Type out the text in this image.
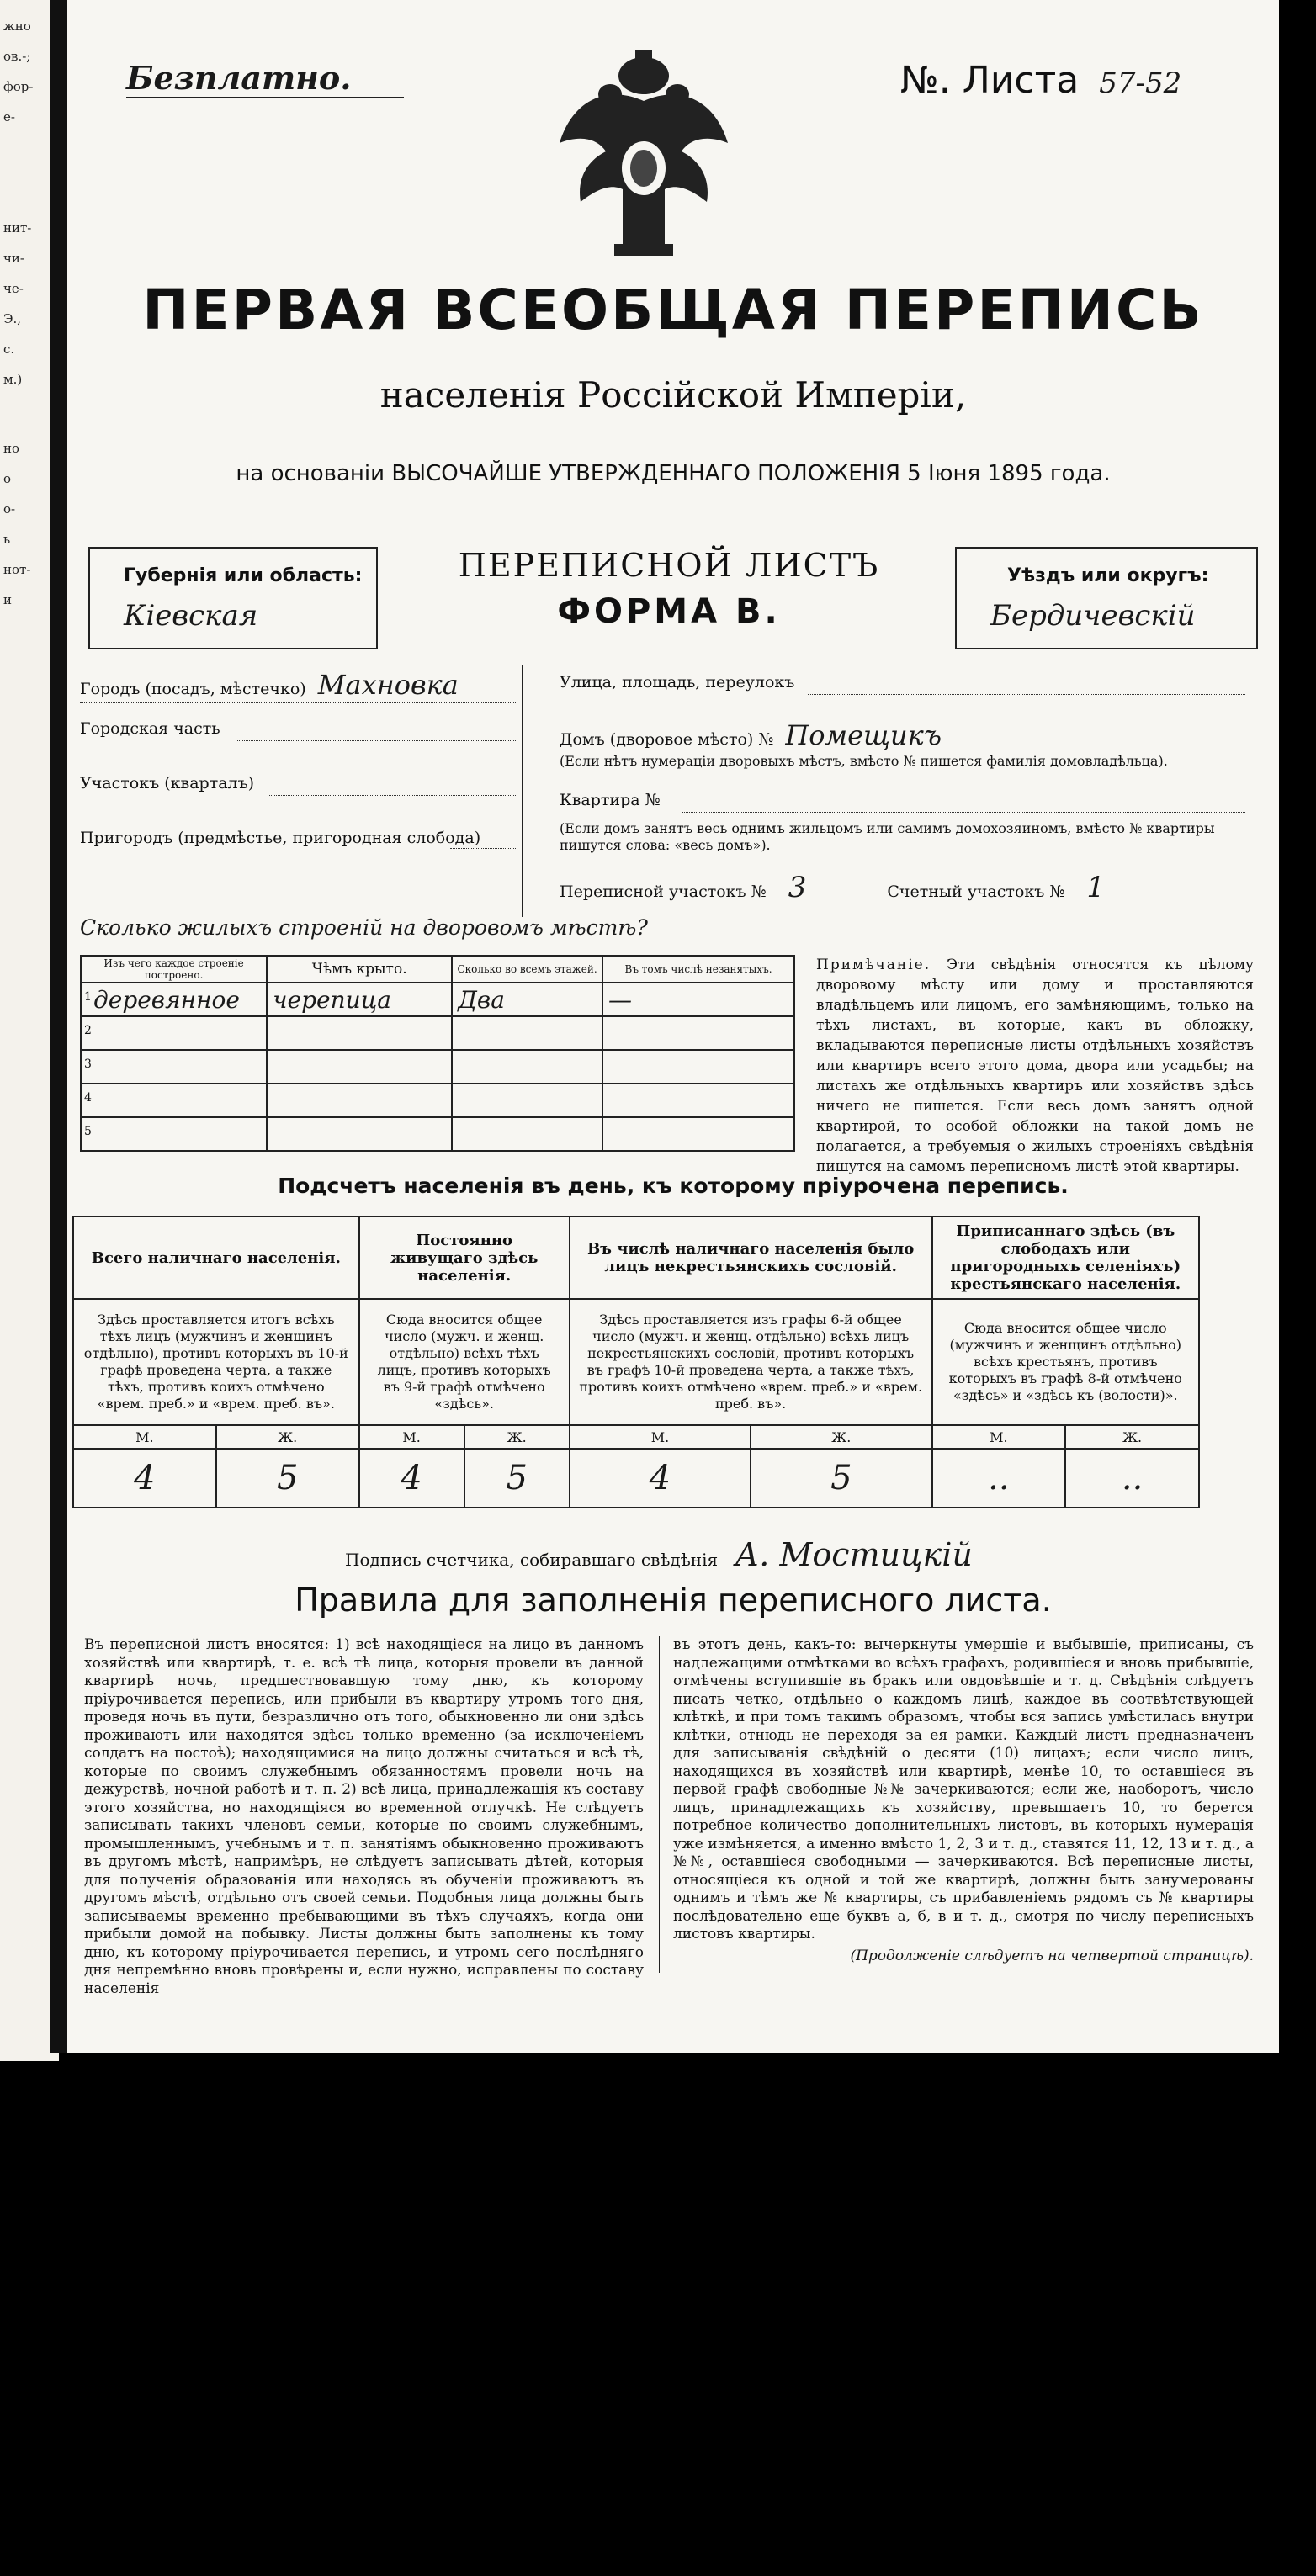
жно
ов.-;
фор-
е-
нит-
чи-
че-
Э.,
с.
м.)
но
о
о-
ь
нот-
и
Безплатно.	№. Листа 57-52
ПЕРВАЯ ВСЕОБЩАЯ ПЕРЕПИСЬ
населенія Россійской Имперіи,
на основаніи ВЫСОЧАЙШЕ УТВЕРЖДЕННАГО ПОЛОЖЕНІЯ 5 Іюня 1895 года.
Губернія или область:
Кіевская
ПЕРЕПИСНОЙ ЛИСТЪ
ФОРМА В.
Уѣздъ или округъ:
Бердичевскій
Городъ (посадъ, мѣстечко) Махновка
Городская часть
Участокъ (кварталъ)
Пригородъ (предмѣстье, пригородная слобода)
Улица, площадь, переулокъ
Домъ (дворовое мѣсто) № Помещикъ
(Если нѣтъ нумераціи дворовыхъ мѣстъ, вмѣсто № пишется фамилія домовладѣльца).
Квартира №
(Если домъ занятъ весь однимъ жильцомъ или самимъ домохозяиномъ, вмѣсто № квартиры пишутся слова: «весь домъ»).
Переписной участокъ № 3	Счетный участокъ № 1
Сколько жилыхъ строеній на дворовомъ мѣстѣ?
Изъ чего каждое строеніе построено.	Чѣмъ крыто.	Сколько во всемъ этажей.	Въ томъ числѣ незанятыхъ.

1 деревянное	черепица	Два	—

2			

3			

4			

5			

Примѣчаніе. Эти свѣдѣнія относятся къ цѣлому дворовому мѣсту или дому и проставляются владѣльцемъ или лицомъ, его замѣняющимъ, только на тѣхъ листахъ, въ которые, какъ въ обложку, вкладываются переписные листы отдѣльныхъ хозяйствъ или квартиръ всего этого дома, двора или усадьбы; на листахъ же отдѣльныхъ квартиръ или хозяйствъ здѣсь ничего не пишется. Если весь домъ занятъ одной квартирой, то особой обложки на такой домъ не полагается, а требуемыя о жилыхъ строеніяхъ свѣдѣнія пишутся на самомъ переписномъ листѣ этой квартиры.
Подсчетъ населенія въ день, къ которому пріурочена перепись.
Всего наличнаго населенія.		Постоянно живущаго здѣсь населенія.		Въ числѣ наличнаго населенія было лицъ некрестьянскихъ сословій.		Приписаннаго здѣсь (въ слободахъ или пригородныхъ селеніяхъ) крестьянскаго населенія.	
Здѣсь проставляется итогъ всѣхъ тѣхъ лицъ (мужчинъ и женщинъ отдѣльно), противъ которыхъ въ 10-й графѣ проведена черта, а также тѣхъ, противъ коихъ отмѣчено «врем. преб.» и «врем. преб. въ».		Сюда вносится общее число (мужч. и женщ. отдѣльно) всѣхъ тѣхъ лицъ, противъ которыхъ въ 9-й графѣ отмѣчено «здѣсь».		Здѣсь проставляется изъ графы 6-й общее число (мужч. и женщ. отдѣльно) всѣхъ лицъ некрестьянскихъ сословій, противъ которыхъ въ графѣ 10-й проведена черта, а также тѣхъ, противъ коихъ отмѣчено «врем. преб.» и «врем. преб. въ».		Сюда вносится общее число (мужчинъ и женщинъ отдѣльно) всѣхъ крестьянъ, противъ которыхъ въ графѣ 8-й отмѣчено «здѣсь» и «здѣсь къ (волости)».	
М.	Ж.	М.	Ж.	М.	Ж.	М.	Ж.
4	5	4	5	4	5	..	..
Подпись счетчика, собиравшаго свѣдѣнія А. Мостицкій
Правила для заполненія переписного листа.
Въ переписной листъ вносятся: 1) всѣ находящіеся на лицо въ данномъ хозяйствѣ или квартирѣ, т. е. всѣ тѣ лица, которыя провели въ данной квартирѣ ночь, предшествовавшую тому дню, къ которому пріурочивается перепись, или прибыли въ квартиру утромъ того дня, проведя ночь въ пути, безразлично отъ того, обыкновенно ли они здѣсь проживаютъ или находятся здѣсь только временно (за исключеніемъ солдатъ на постоѣ); находящимися на лицо должны считаться и всѣ тѣ, которые по своимъ служебнымъ обязанностямъ провели ночь на дежурствѣ, ночной работѣ и т. п. 2) всѣ лица, принадлежащія къ составу этого хозяйства, но находящіяся во временной отлучкѣ. Не слѣдуетъ записывать такихъ членовъ семьи, которые по своимъ служебнымъ, промышленнымъ, учебнымъ и т. п. занятіямъ обыкновенно проживаютъ въ другомъ мѣстѣ, напримѣръ, не слѣдуетъ записывать дѣтей, которыя для полученія образованія или находясь въ обученіи проживаютъ въ другомъ мѣстѣ, отдѣльно отъ своей семьи. Подобныя лица должны быть записываемы временно пребывающими въ тѣхъ случаяхъ, когда они прибыли домой на побывку. Листы должны быть заполнены къ тому дню, къ которому пріурочивается перепись, и утромъ сего послѣдняго дня непремѣнно вновь провѣрены и, если нужно, исправлены по составу населенія
въ этотъ день, какъ-то: вычеркнуты умершіе и выбывшіе, приписаны, съ надлежащими отмѣтками во всѣхъ графахъ, родившіеся и вновь прибывшіе, отмѣчены вступившіе въ бракъ или овдовѣвшіе и т. д. Свѣдѣнія слѣдуетъ писать четко, отдѣльно о каждомъ лицѣ, каждое въ соотвѣтствующей клѣткѣ, и при томъ такимъ образомъ, чтобы вся запись умѣстилась внутри клѣтки, отнюдь не переходя за ея рамки. Каждый листъ предназначенъ для записыванія свѣдѣній о десяти (10) лицахъ; если число лицъ, находящихся въ хозяйствѣ или квартирѣ, менѣе 10, то оставшіеся въ первой графѣ свободные №№ зачеркиваются; если же, наоборотъ, число лицъ, принадлежащихъ къ хозяйству, превышаетъ 10, то берется потребное количество дополнительныхъ листовъ, въ которыхъ нумерація уже измѣняется, а именно вмѣсто 1, 2, 3 и т. д., ставятся 11, 12, 13 и т. д., а №№, оставшіеся свободными — зачеркиваются. Всѣ переписные листы, относящіеся къ одной и той же квартирѣ, должны быть занумерованы однимъ и тѣмъ же № квартиры, съ прибавленіемъ рядомъ съ № квартиры послѣдовательно еще буквъ а, б, в и т. д., смотря по числу переписныхъ листовъ квартиры.
(Продолженіе слѣдуетъ на четвертой страницѣ).
